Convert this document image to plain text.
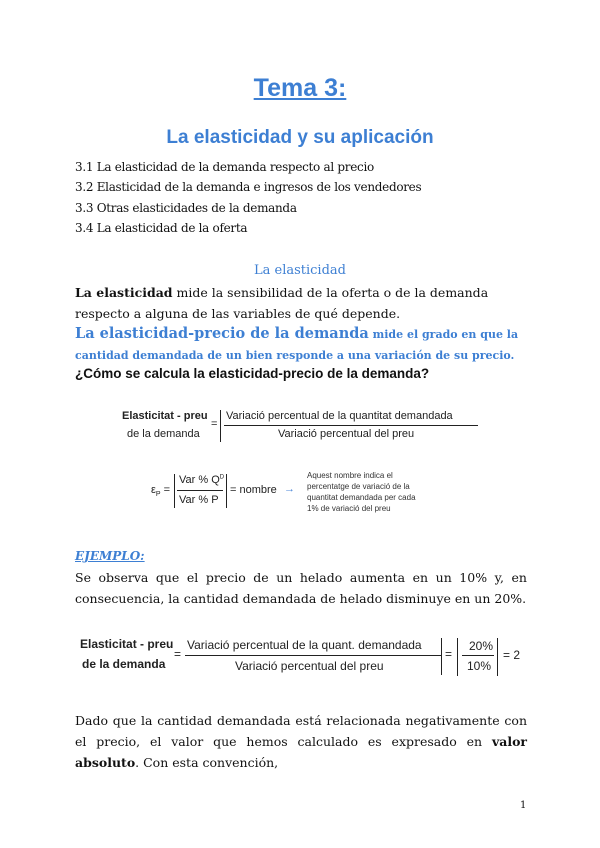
Tema 3:
La elasticidad y su aplicación
3.1 La elasticidad de la demanda respecto al precio
3.2 Elasticidad de la demanda e ingresos de los vendedores
3.3 Otras elasticidades de la demanda
3.4 La elasticidad de la oferta
La elasticidad
La elasticidad mide la sensibilidad de la oferta o de la demanda respecto a alguna de las variables de qué depende.
La elasticidad-precio de la demanda mide el grado en que la cantidad demandada de un bien responde a una variación de su precio.
¿Cómo se calcula la elasticidad-precio de la demanda?
Elasticitat - preu
de la demanda
=
Variació percentual de la quantitat demandada
Variació percentual del preu
$\varepsilon_P$ =
Var % $Q^D$
Var % P
= nombre →
Aquest nombre indica el
percentatge de variació de la
quantitat demandada per cada
1% de variació del preu
EJEMPLO:
Se observa que el precio de un helado aumenta en un 10% y, en consecuencia, la cantidad demandada de helado disminuye en un 20%.
Elasticitat - preu
de la demanda
=
Variació percentual de la quant. demandada
Variació percentual del preu
=
20%
10%
= 2
Dado que la cantidad demandada está relacionada negativamente con el precio, el valor que hemos calculado es expresado en valor absoluto. Con esta convención,
1
